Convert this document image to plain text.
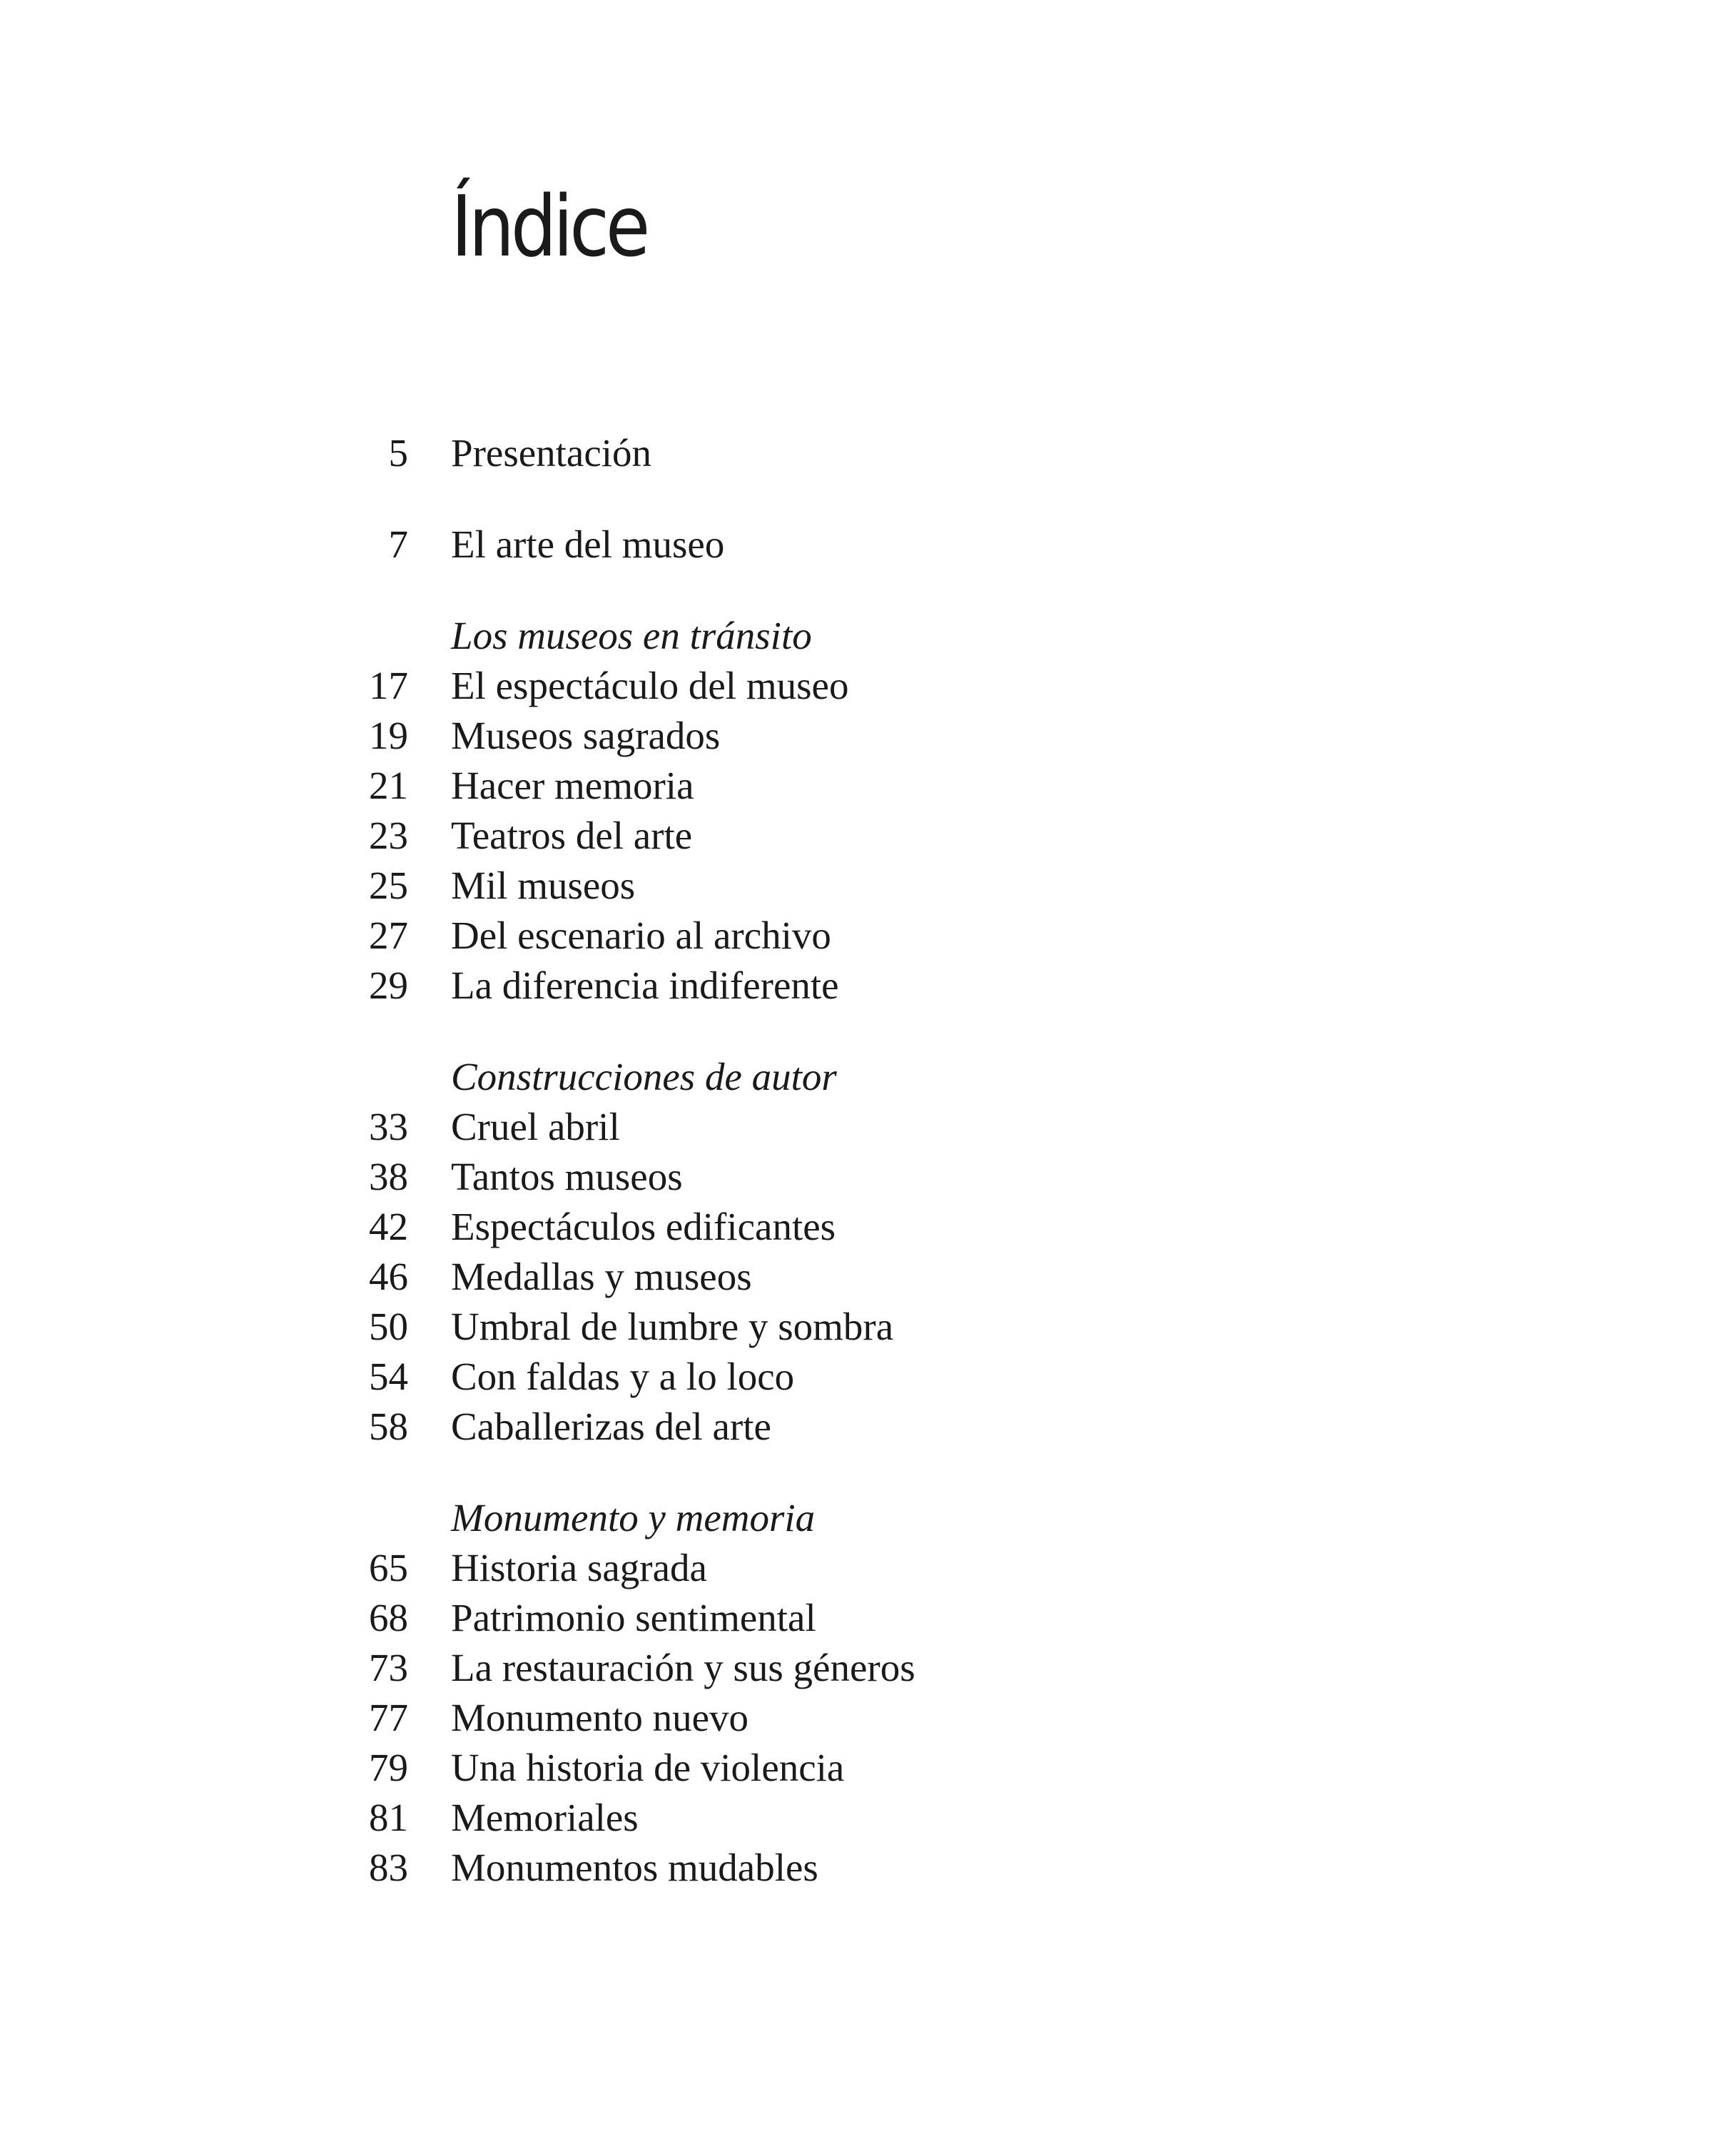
Índice
5 Presentación
7 El arte del museo
Los museos en tránsito
17 El espectáculo del museo
19 Museos sagrados
21 Hacer memoria
23 Teatros del arte
25 Mil museos
27 Del escenario al archivo
29 La diferencia indiferente
Construcciones de autor
33 Cruel abril
38 Tantos museos
42 Espectáculos edificantes
46 Medallas y museos
50 Umbral de lumbre y sombra
54 Con faldas y a lo loco
58 Caballerizas del arte
Monumento y memoria
65 Historia sagrada
68 Patrimonio sentimental
73 La restauración y sus géneros
77 Monumento nuevo
79 Una historia de violencia
81 Memoriales
83 Monumentos mudables
